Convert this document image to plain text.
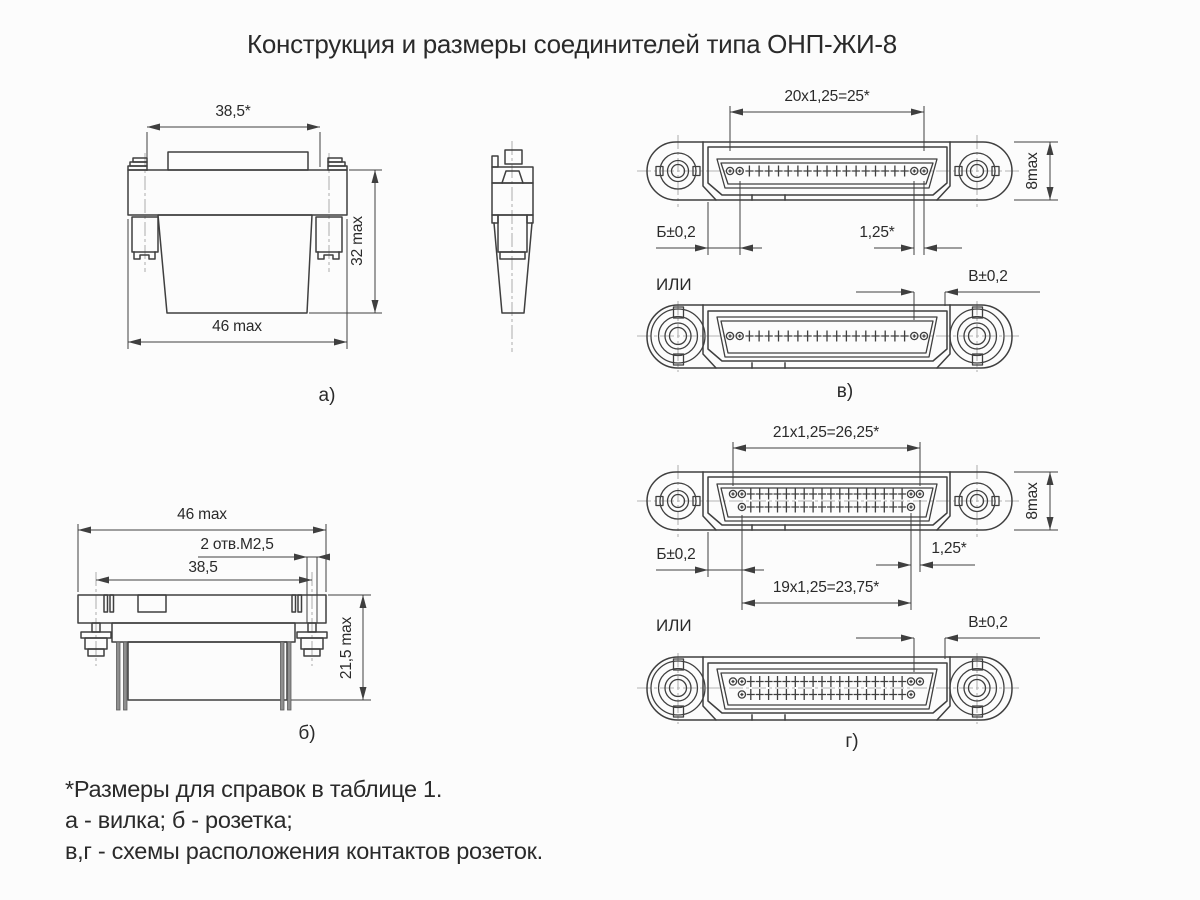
Конструкция и размеры соединителей типа ОНП-ЖИ-8
38,5*
46 max
32 max
а)
20х1,25=25*
8max
Б±0,2	1,25*
ИЛИ	В±0,2
в)
21х1,25=26,25*
8max
Б±0,2	1,25*
19х1,25=23,75*
ИЛИ	В±0,2
г)
46 max
2 отв.М2,5
38,5
21,5 max
б)
*Размеры для справок в таблице 1.
а - вилка; б - розетка;
в,г - схемы расположения контактов розеток.
